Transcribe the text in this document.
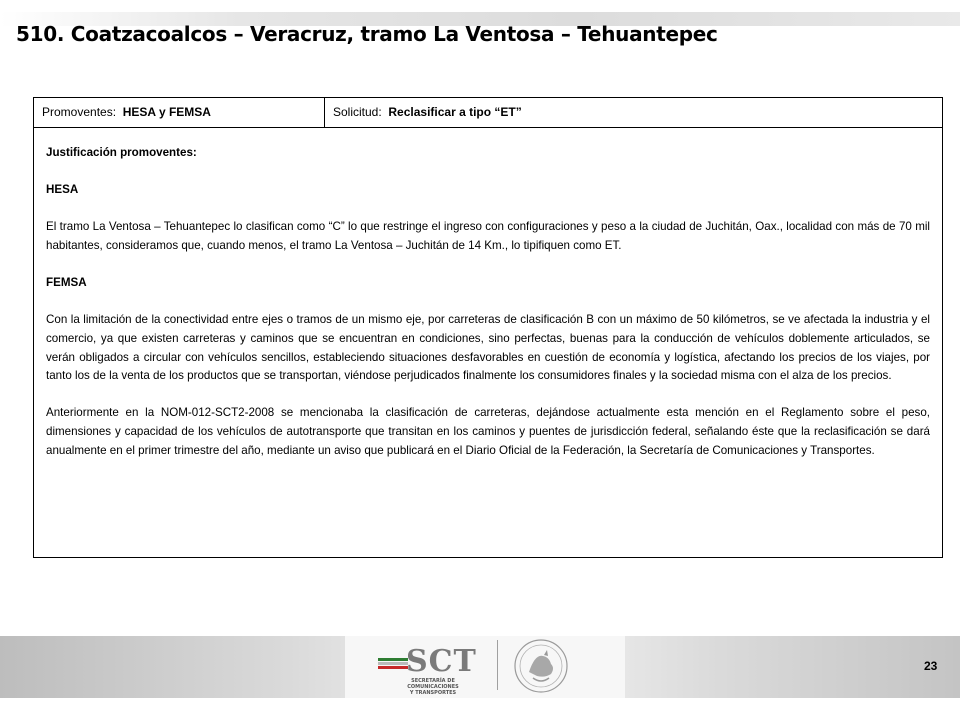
510. Coatzacoalcos – Veracruz, tramo La Ventosa – Tehuantepec
Promoventes:  HESA y FEMSA	Solicitud:  Reclasificar a tipo “ET”

Justificación promoventes:

HESA

El tramo La Ventosa – Tehuantepec lo clasifican como “C” lo que restringe el ingreso con configuraciones y peso a la ciudad de Juchitán, Oax., localidad con más de 70 mil habitantes, consideramos que, cuando menos, el tramo La Ventosa – Juchitán de 14 Km., lo tipifiquen como ET.

FEMSA

Con la limitación de la conectividad entre ejes o tramos de un mismo eje, por carreteras de clasificación B con un máximo de 50 kilómetros, se ve afectada la industria y el comercio, ya que existen carreteras y caminos que se encuentran en condiciones, sino perfectas, buenas para la conducción de vehículos doblemente articulados, se verán obligados a circular con vehículos sencillos, estableciendo situaciones desfavorables en cuestión de economía y logística, afectando los precios de los viajes, por tanto los de la venta de los productos que se transportan, viéndose perjudicados finalmente los consumidores finales y la sociedad misma con el alza de los precios.

Anteriormente en la NOM-012-SCT2-2008 se mencionaba la clasificación de carreteras, dejándose actualmente esta mención en el Reglamento sobre el peso, dimensiones y capacidad de los vehículos de autotransporte que transitan en los caminos y puentes de jurisdicción federal, señalando éste que la reclasificación se dará anualmente en el primer trimestre del año, mediante un aviso que publicará en el Diario Oficial de la Federación, la Secretaría de Comunicaciones y Transportes.

SCT
SECRETARÍA DE
COMUNICACIONES
Y TRANSPORTES
23
